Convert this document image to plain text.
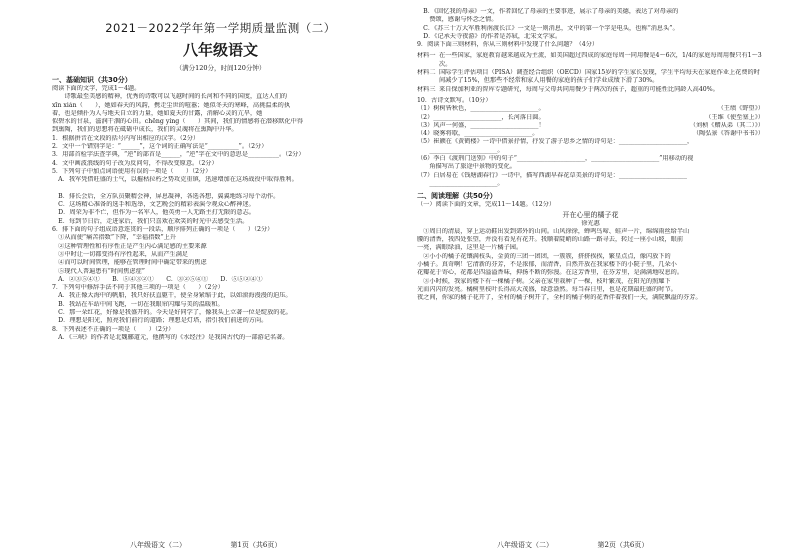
2021－2022学年第一学期质量监测（二）
八年级语文
（满分120分，时间120分钟）
一、基础知识（共30分）
阅读下面的文字，完成1～4题。
　　诗歌最至美感的精神，优秀的诗歌可以飞越时间的长河和不同的国度，直达人们的
xīn xián（　　），她如春天的风韵，携走尘世的喧嚣；她似冬天的寒峰，高挑温柔的执
着，也是倾扑为人与地天自立的力量，她如夏天的甘露，消解心灵的亢旱，她
似碧水的甘泉，滋润干涸的心田。chēng yíng（　　）其间，我们的情感将在潜移默化中得
到熏陶，我们的思想将在砥砺中成长，我们的灵魂将在熏陶中升华。
1．根据拼音在文段的括号内写出相应的汉字。（2分）
2．文中一个错别字是：“______”，这个词的正确写法是“__________”。（2分）
3．用部首检字法查字典，“逆”的部首是______，“逆”字在文中的意思是__________。（2分）
4．文中画波浪线的句子改为反问句，不得改变原意。（2分）
5．下列句子中加点词语使用有误的一项是（　　）（2分）
　A．我军凭借旺盛的士气，以摧枯拉朽之势攻克重镇，迅速增加在这场战役中取得胜利。
　B．排长会后，全方队员聚精会神，屏息凝神，各选各想，翼翼地练习每个动作。
　C．这场精心准备的选手和选举，文艺晚会的精彩表演令观众心醉神迷。
　D．周荣为非不亡，但作为一名军人，他英勇一人无路主打无限的意志。
　E．每到节日后，走进家后，我们只喜欢在欢笑的时光中去感受生活。
6．排下面的句子组成语意连贯的一段话，顺序排列正确的一项是（　　）（2分）
　①从而使“痛苦指数”下降，“幸福指数”上升
　②这种管理性和有序性正是产生内心满足感的主要来源
　③中时让一切都变得有序性起来，从而产生满足
　④而可以时间管理，能够在管理时间中确定带来的焦虑
　⑤现代人普遍患有“时间焦虑症”
　A．②③⑤④①　　B．⑤④③②①　　C．③②⑤④①　　D．⑤⑤②④①
7．下列句中修辞手法不同于其他三项的一项是（　　）（2分）
　A．我正像大海中的帆船，我只好扶直躯干，使全身紧缩于此，以如滚海漫漫的迫压。
　B．我站在车站中间飞跑，一切在我眼帘闪耀与美的温暖和。
　C．那一朵红花，好像是我盛开的。今天是好同学了，像我头上立著一位是绽放的花。
　D．理想是阳光，照亮我们前行的道路；理想是灯塔，指引我们前进的方向。
8．下列表述不正确的一项是（　　）（2分）
　A．《三峡》的作者是北魏郦道元，他撰写的《水经注》是我国古代的一部游记名著。
八年级语文（二）	第1页（共6页）
　B．《回忆我的母亲》一文，作者回忆了母亲的主要事迹，展示了母亲的美德，表达了对母亲的
　　赞颂，感谢与怀念之情。
　C．《苏三十万大军胜利南渡长江》一文是一则消息，文中的第一个字是电头，也称“消息头”。
　D．《记承天寺夜游》的作者是苏轼，北宋文学家。
9．阅读下面三则材料，你从三则材料中发现了什么问题？（4分）
材料一 在一些国家，家庭教育越来越成为主流，如美国超过四成的家庭每周一同用餐是4～6次，1/4的家庭每周用餐只有1～3次。
材料二 国际学生评估项目（PISA）调查经合组织（OECD）国家15岁的学生家长发现，学生平均每天在家庭作业上花费的时间减少了15%，但那些不经常和家人用餐的家庭的孩子们学业成绩下滑了30%。
材料三 来自保加利亚的智库专题研究，每周与父母共同用餐少于两次的孩子，超重的可能性比同龄人高40%。
10．古诗文默写。（10分）
（1）树树皆秋色，______________________。	（王绩《野望》）
（2）______________________，长河落日圆。	（王维《使至塞上》）
（3）风声一何盛，______________________！	（刘桢《赠从弟（其二）》）
（4）晓雾将歇，______________________。	（陶弘景《答谢中书书》）
（5）崔颢在《黄鹤楼》一诗中借景抒情，抒发了游子思乡之情的诗句是：______________________，
　　______________________。
（6）李白《渡荆门送别》中的句子“______________________，______________________”用移动的视
　　角描写出了旅途中景物的变化。
（7）白居易在《钱塘湖春行》一诗中，描写西湖早春花草美景的诗句是：______________________
　　______________________。
二、阅读理解（共50分）
（一）阅读下面的文章，完成11～14题。（12分）
开在心里的橘子花
徐光惠
　①周日的清晨，穿上运动鞋出发到郊外的山间。山风徐徐，蝉鸣鸟啼、蛙声一片，绵绵雨丝给半山
腰的清香，我四处张望，并没有看见有花开。我顺着陡峭的山路一路寻去，转过一座小山坡，眼前
一亮，满眼绿油，这里是一片橘子园。
　②小小的橘子花镶满枝头，金黄的三团一团团，一簇簇，挤挤挨挨，繁星点点，像闪放下的
小橘子。真奇啊！它清新的芬芳，不是浓郁，而清香，自然开放在我家楼下的小院子里，几朵小
花瓣花于寄心，花都是四溢溢香味，抑扬不断的弥漫。在这芳香里，在芬芳里，是满满地叹息的。
　③小时候，我家的楼下有一棵橘子树。父亲在家里栽种了一棵，枝叶繁茂，在阳光的照耀下
光而闪闪的发亮。橘树里枝叶长得高大茂盛，绿意盎然。每当春日里，也是花期最旺盛的时节。
夜之间，你家的橘子花开了，全村的橘子树开了，全村的橘子树的花香伴着我们一天，满院飘溢的芬芳。
八年级语文（二）	第2页（共6页）
